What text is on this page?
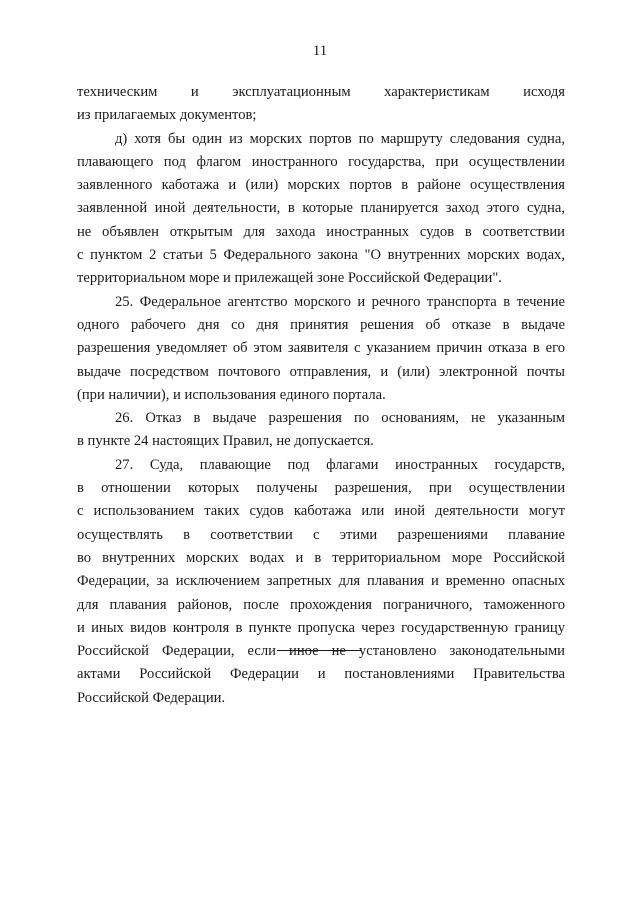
11
техническим и эксплуатационным характеристикам исходя
из прилагаемых документов;
д) хотя бы один из морских портов по маршруту следования судна,
плавающего под флагом иностранного государства, при осуществлении
заявленного каботажа и (или) морских портов в районе осуществления
заявленной иной деятельности, в которые планируется заход этого судна,
не объявлен открытым для захода иностранных судов в соответствии
с пунктом 2 статьи 5 Федерального закона "О внутренних морских водах,
территориальном море и прилежащей зоне Российской Федерации".
25. Федеральное агентство морского и речного транспорта в течение
одного рабочего дня со дня принятия решения об отказе в выдаче
разрешения уведомляет об этом заявителя с указанием причин отказа в его
выдаче посредством почтового отправления, и (или) электронной почты
(при наличии), и использования единого портала.
26. Отказ в выдаче разрешения по основаниям, не указанным
в пункте 24 настоящих Правил, не допускается.
27. Суда, плавающие под флагами иностранных государств,
в отношении которых получены разрешения, при осуществлении
с использованием таких судов каботажа или иной деятельности могут
осуществлять в соответствии с этими разрешениями плавание
во внутренних морских водах и в территориальном море Российской
Федерации, за исключением запретных для плавания и временно опасных
для плавания районов, после прохождения пограничного, таможенного
и иных видов контроля в пункте пропуска через государственную границу
Российской Федерации, если иное не установлено законодательными
актами Российской Федерации и постановлениями Правительства
Российской Федерации.
